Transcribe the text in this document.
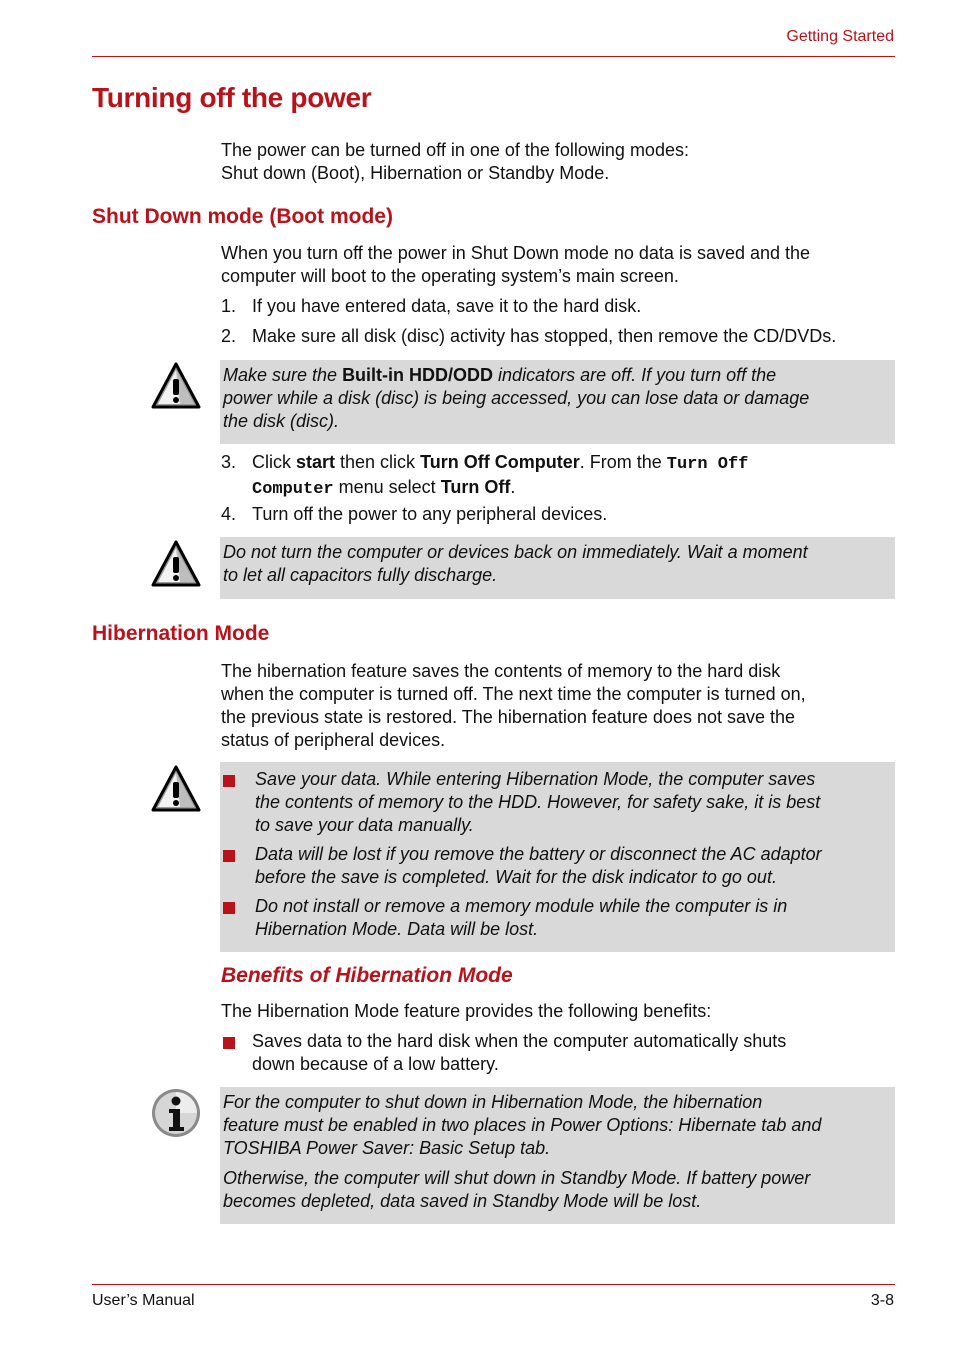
Getting Started
Turning off the power
The power can be turned off in one of the following modes:
Shut down (Boot), Hibernation or Standby Mode.
Shut Down mode (Boot mode)
When you turn off the power in Shut Down mode no data is saved and the
computer will boot to the operating system’s main screen.
1. If you have entered data, save it to the hard disk.
2. Make sure all disk (disc) activity has stopped, then remove the CD/DVDs.
Make sure the Built-in HDD/ODD indicators are off. If you turn off the
power while a disk (disc) is being accessed, you can lose data or damage
the disk (disc).
3. Click start then click Turn Off Computer. From the Turn Off
Computer menu select Turn Off.
4. Turn off the power to any peripheral devices.
Do not turn the computer or devices back on immediately. Wait a moment
to let all capacitors fully discharge.
Hibernation Mode
The hibernation feature saves the contents of memory to the hard disk
when the computer is turned off. The next time the computer is turned on,
the previous state is restored. The hibernation feature does not save the
status of peripheral devices.
Save your data. While entering Hibernation Mode, the computer saves
the contents of memory to the HDD. However, for safety sake, it is best
to save your data manually.
Data will be lost if you remove the battery or disconnect the AC adaptor
before the save is completed. Wait for the disk indicator to go out.
Do not install or remove a memory module while the computer is in
Hibernation Mode. Data will be lost.
Benefits of Hibernation Mode
The Hibernation Mode feature provides the following benefits:
Saves data to the hard disk when the computer automatically shuts
down because of a low battery.
For the computer to shut down in Hibernation Mode, the hibernation
feature must be enabled in two places in Power Options: Hibernate tab and
TOSHIBA Power Saver: Basic Setup tab.
Otherwise, the computer will shut down in Standby Mode. If battery power
becomes depleted, data saved in Standby Mode will be lost.
User’s Manual	3-8
